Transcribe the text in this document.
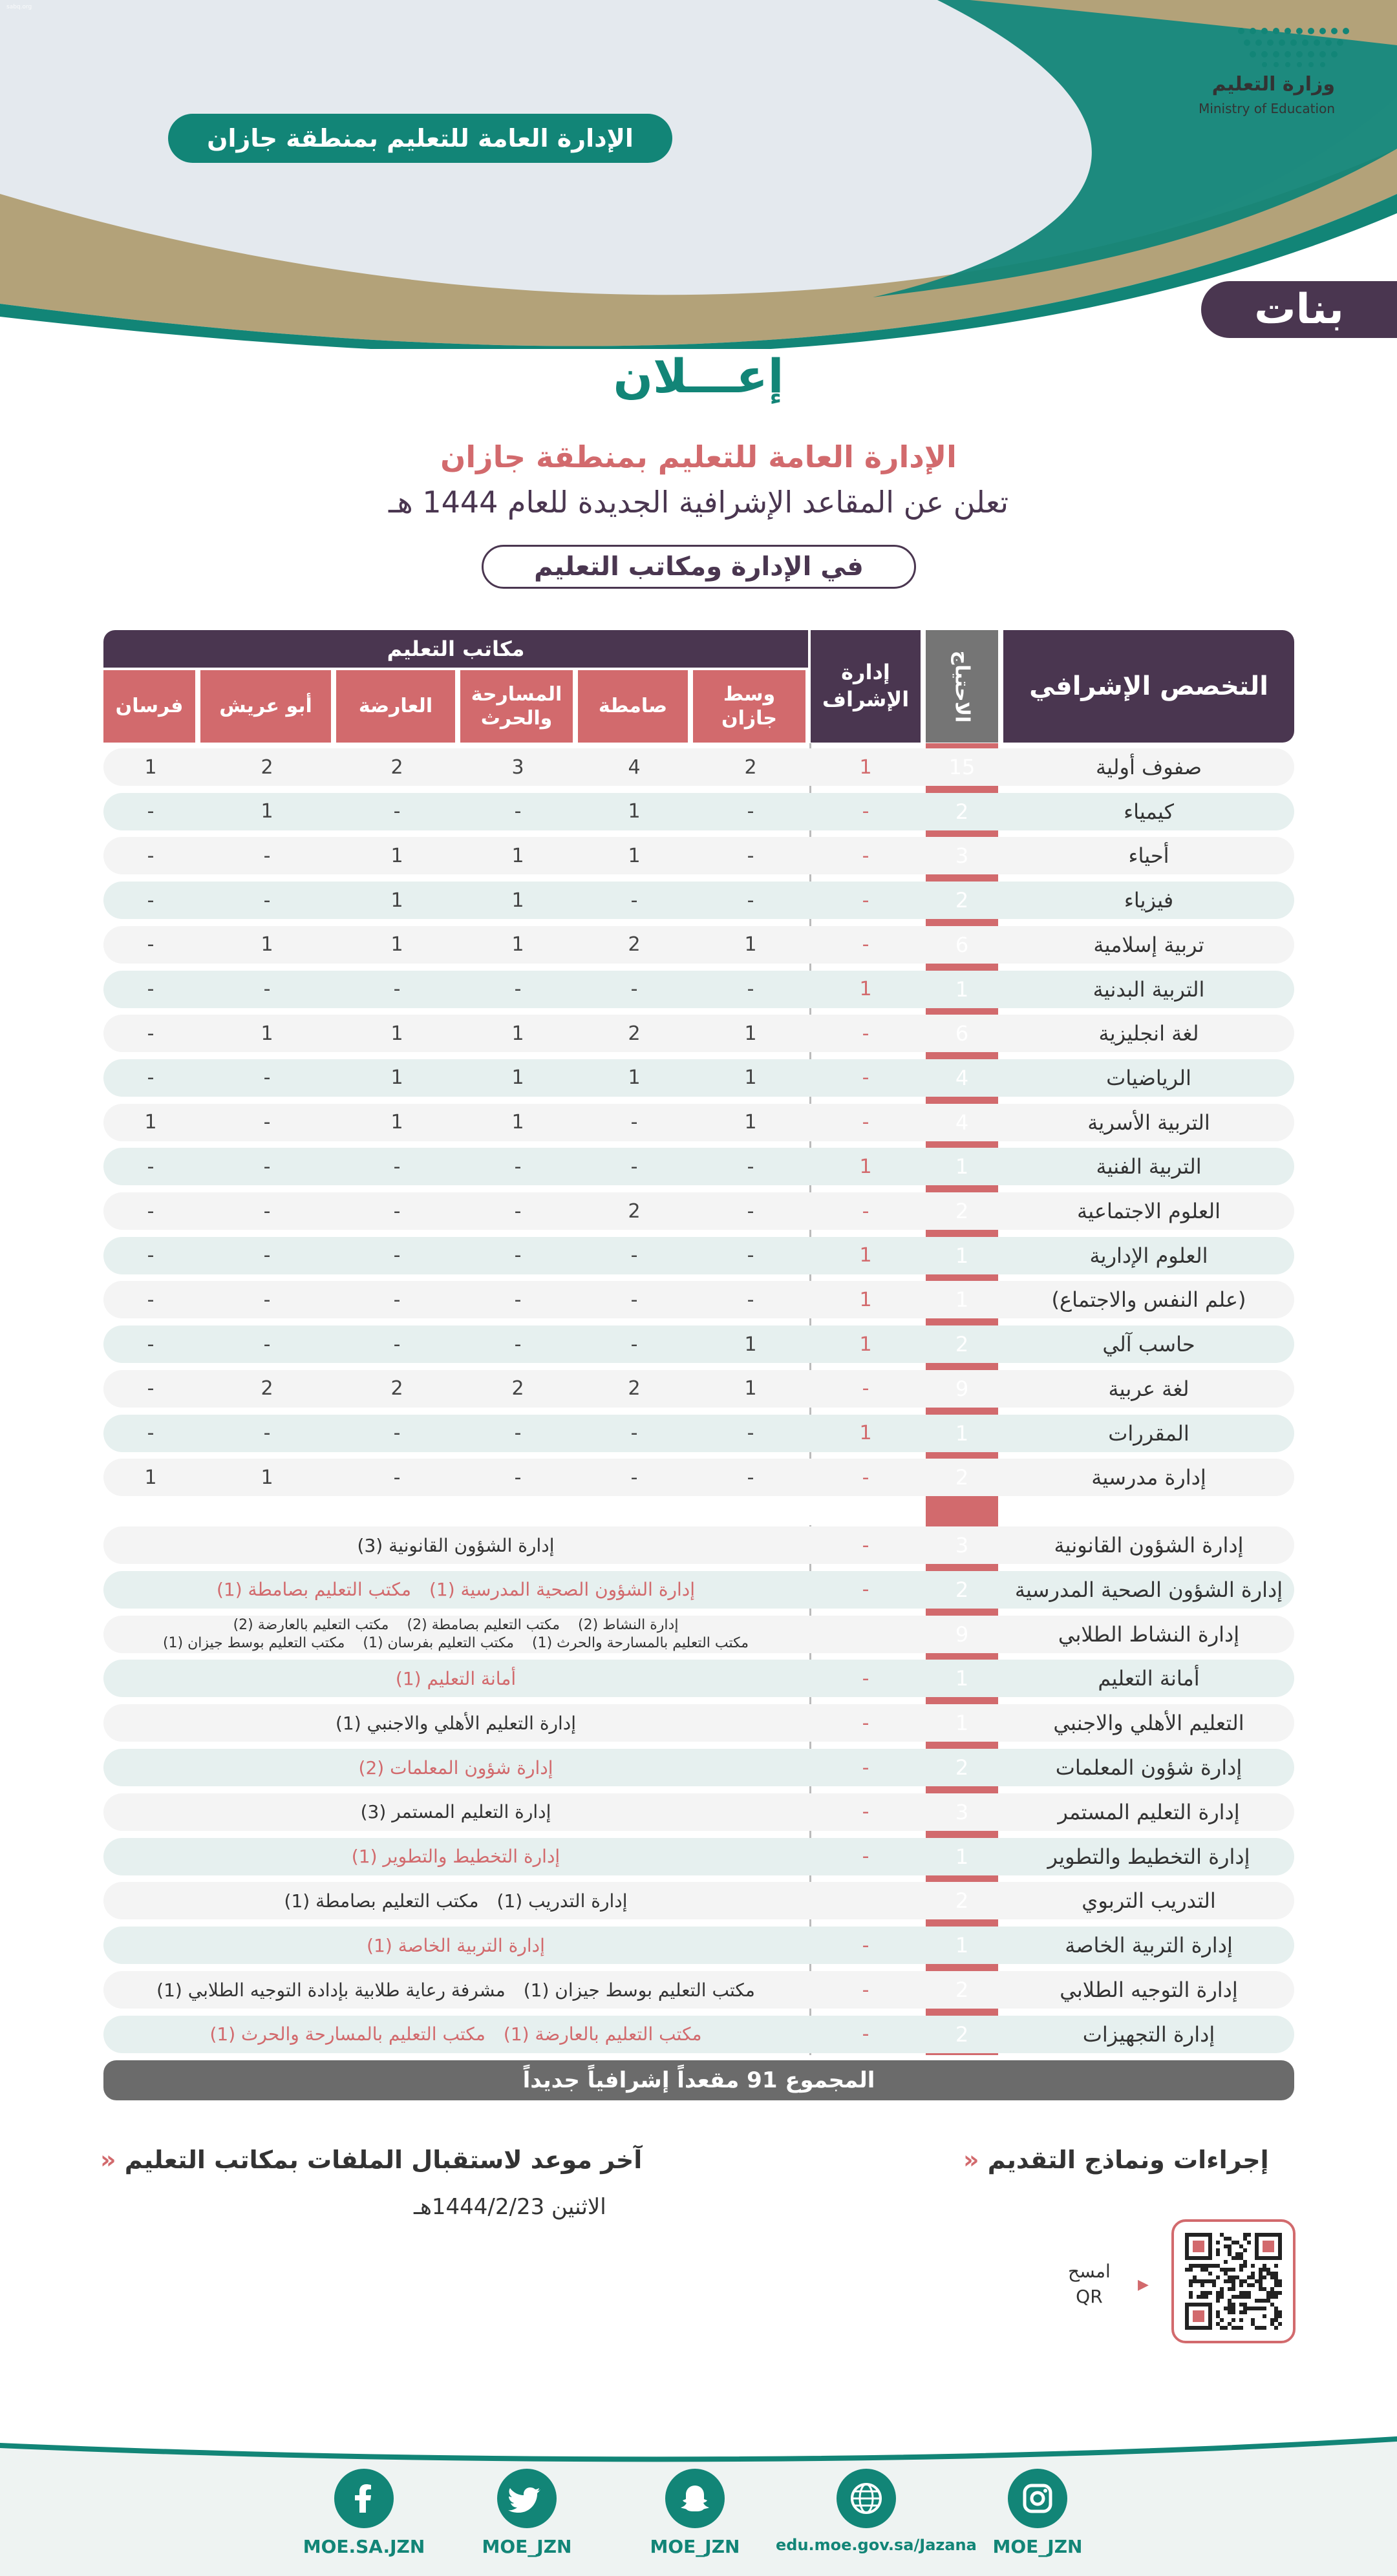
sabq.org
وزارة التعليم
Ministry of Education
الإدارة العامة للتعليم بمنطقة جازان
بنات
إعـــلان
الإدارة العامة للتعليم بمنطقة جازان
تعلن عن المقاعد الإشرافية الجديدة للعام 1444 هـ
في الإدارة ومكاتب التعليم
التخصص الإشرافي
الاحتياج
إدارة الإشراف
مكاتب التعليم
وسط جازان
صامطة
المسارحة والحرث
العارضة
أبو عريش
فرسان
صفوف أولية
15
1
2
4
3
2
2
1
كيمياء
2
-
-
1
-
-
1
-
أحياء
3
-
-
1
1
1
-
-
فيزياء
2
-
-
-
1
1
-
-
تربية إسلامية
6
-
1
2
1
1
1
-
التربية البدنية
1
1
-
-
-
-
-
-
لغة انجليزية
6
-
1
2
1
1
1
-
الرياضيات
4
-
1
1
1
1
-
-
التربية الأسرية
4
-
1
-
1
1
-
1
التربية الفنية
1
1
-
-
-
-
-
-
العلوم الاجتماعية
2
-
-
2
-
-
-
-
العلوم الإدارية
1
1
-
-
-
-
-
-
(علم النفس والاجتماع)
1
1
-
-
-
-
-
-
حاسب آلي
2
1
1
-
-
-
-
-
لغة عربية
9
-
1
2
2
2
2
-
المقررات
1
1
-
-
-
-
-
-
إدارة مدرسية
2
-
-
-
-
-
1
1
إدارة الشؤون القانونية
3
-
إدارة الشؤون القانونية (3)
إدارة الشؤون الصحية المدرسية
2
-
إدارة الشؤون الصحية المدرسية (1)
مكتب التعليم بصامطة (1)
إدارة النشاط الطلابي
9
إدارة النشاط (2)
مكتب التعليم بصامطة (2)
مكتب التعليم بالعارضة (2)
مكتب التعليم بالمسارحة والحرث (1)
مكتب التعليم بفرسان (1)
مكتب التعليم بوسط جيزان (1)
أمانة التعليم
1
-
أمانة التعليم (1)
التعليم الأهلي والاجنبي
1
-
إدارة التعليم الأهلي والاجنبي (1)
إدارة شؤون المعلمات
2
-
إدارة شؤون المعلمات (2)
إدارة التعليم المستمر
3
-
إدارة التعليم المستمر (3)
إدارة التخطيط والتطوير
1
-
إدارة التخطيط والتطوير (1)
التدريب التربوي
2
إدارة التدريب (1)
مكتب التعليم بصامطة (1)
إدارة التربية الخاصة
1
-
إدارة التربية الخاصة (1)
إدارة التوجيه الطلابي
2
-
مكتب التعليم بوسط جيزان (1)
مشرفة رعاية طلابية بإدادة التوجيه الطلابي (1)
إدارة التجهيزات
2
-
مكتب التعليم بالعارضة (1)
مكتب التعليم بالمسارحة والحرث (1)
المجموع 91 مقعداً إشرافياً جديداً
إجراءات ونماذج التقديم «
آخر موعد لاستقبال الملفات بمكاتب التعليم «
الاثنين 1444/2/23هـ
امسح
QR
▶
MOE_JZN
edu.moe.gov.sa/Jazana
MOE_JZN
MOE_JZN
MOE.SA.JZN
